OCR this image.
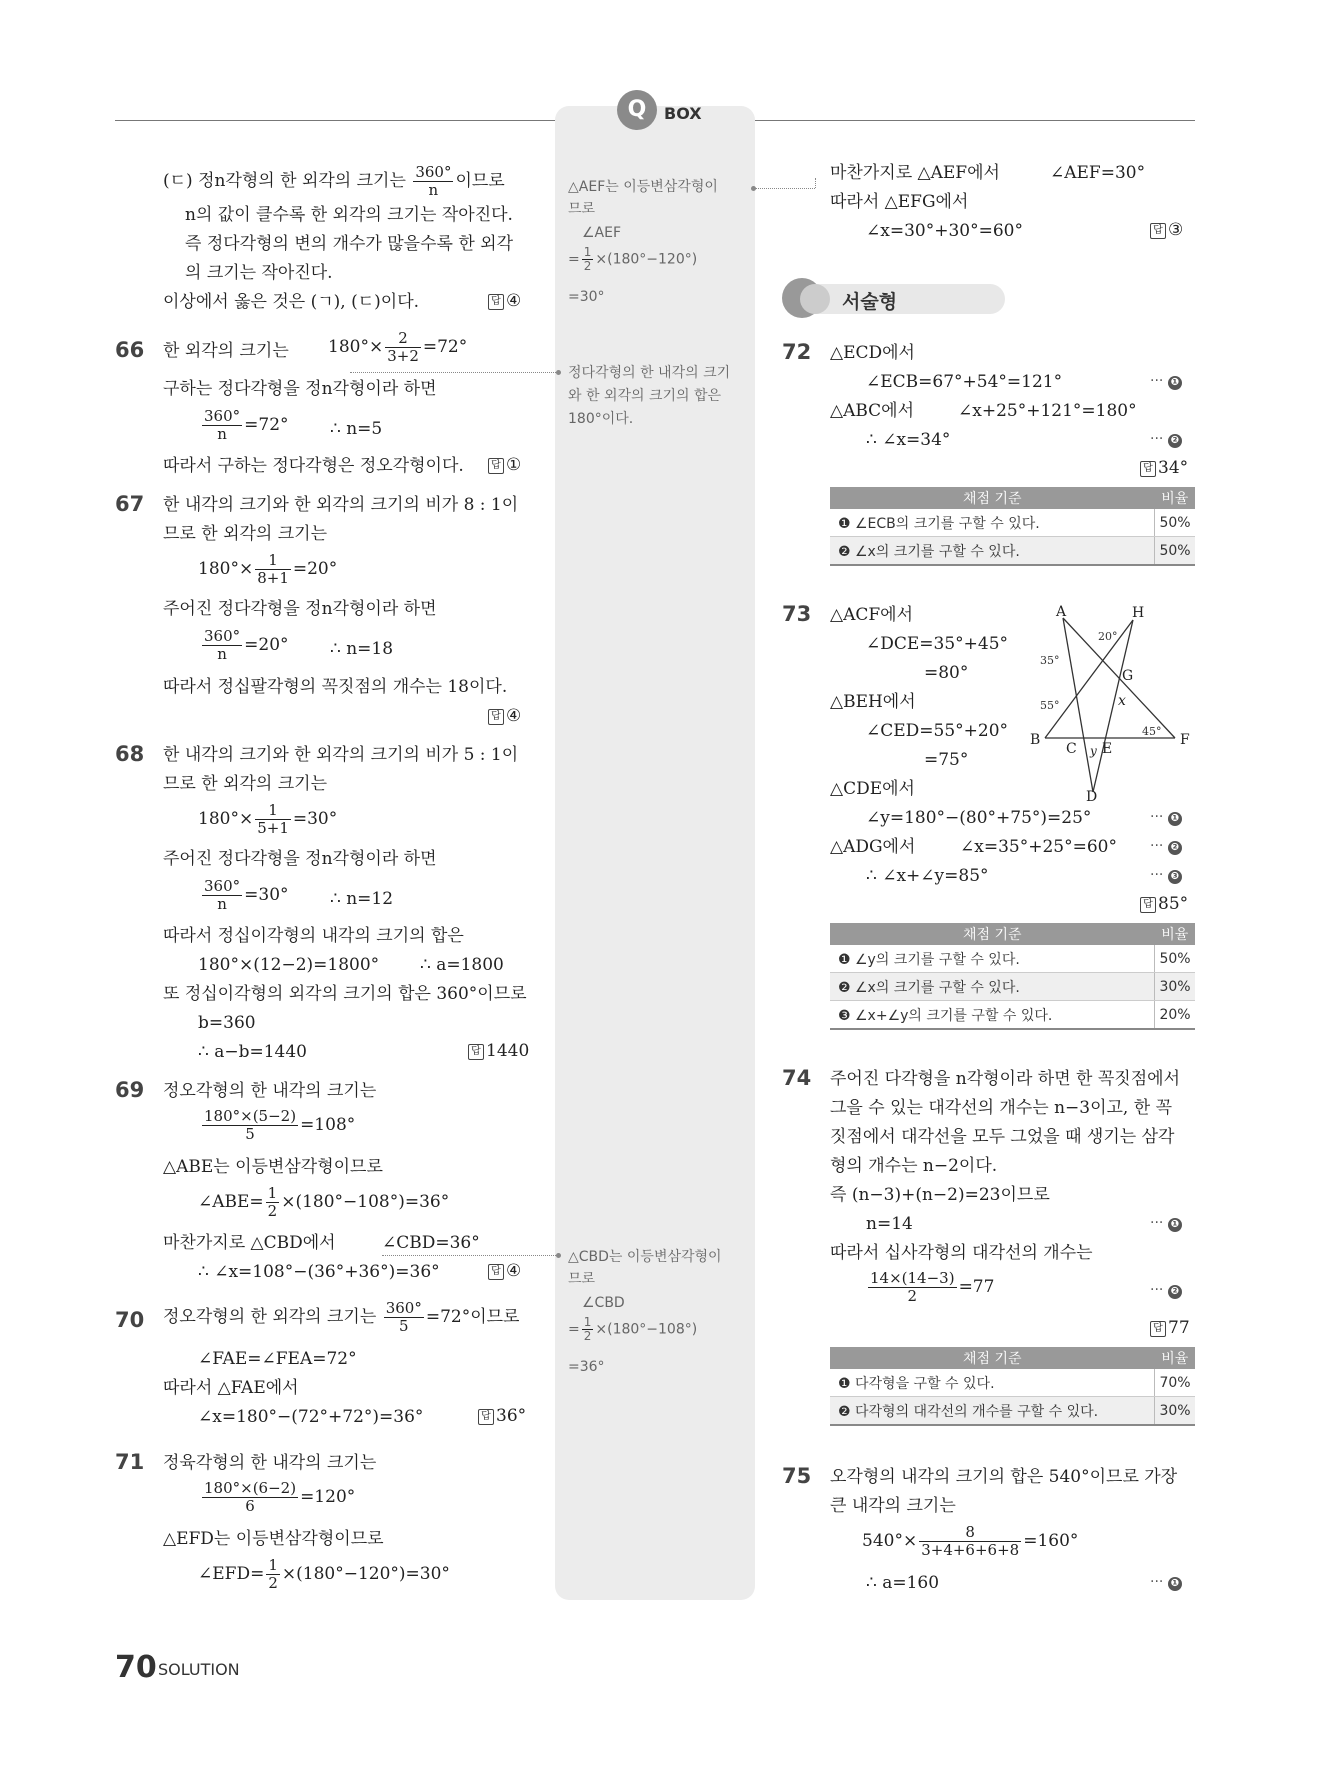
Q	BOX
(ㄷ) 정n각형의 한 외각의 크기는 $\frac{360^\circ}{n}$ 이므로
n의 값이 클수록 한 외각의 크기는 작아진다.
즉 정다각형의 변의 개수가 많을수록 한 외각
의 크기는 작아진다.
이상에서 옳은 것은 (ㄱ), (ㄷ)이다.	답 ④
66 한 외각의 크기는 $180^\circ\times \frac{2}{3+2} =72^\circ$
구하는 정다각형을 정n각형이라 하면
$\frac{360^\circ}{n} =72^\circ$ ∴ n=5
따라서 구하는 정다각형은 정오각형이다.	답 ①
67 한 내각의 크기와 한 외각의 크기의 비가 8 : 1이
므로 한 외각의 크기는
$180^\circ\times \frac{1}{8+1} =20^\circ$
주어진 정다각형을 정n각형이라 하면
$\frac{360^\circ}{n} =20^\circ$ ∴ n=18
따라서 정십팔각형의 꼭짓점의 개수는 18이다.
답 ④
68 한 내각의 크기와 한 외각의 크기의 비가 5 : 1이
므로 한 외각의 크기는
$180^\circ\times \frac{1}{5+1} =30^\circ$
주어진 정다각형을 정n각형이라 하면
$\frac{360^\circ}{n} =30^\circ$ ∴ n=12
따라서 정십이각형의 내각의 크기의 합은
180°×(12−2)=1800° ∴ a=1800
또 정십이각형의 외각의 크기의 합은 360°이므로
b=360
∴ a−b=1440	답 1440
69 정오각형의 한 내각의 크기는
$\frac{180^\circ\times(5-2)}{5} =108^\circ$
△ABE는 이등변삼각형이므로
∠ABE= $\frac{1}{2} \times(180^\circ-108^\circ)=36^\circ$
마찬가지로 △CBD에서	∠CBD=36°
∴ ∠x=108°−(36°+36°)=36°	답 ④
70 정오각형의 한 외각의 크기는 $\frac{360^\circ}{5} =72^\circ$이므로
∠FAE=∠FEA=72°
따라서 △FAE에서
∠x=180°−(72°+72°)=36°	답 36°
71 정육각형의 한 내각의 크기는
$\frac{180^\circ\times(6-2)}{6} =120^\circ$
△EFD는 이등변삼각형이므로
∠EFD= $\frac{1}{2} \times(180^\circ-120^\circ)=30^\circ$
△AEF는 이등변삼각형이
므로
∠AEF
= $\frac{1}{2} \times(180^\circ-120^\circ)$
=30°
정다각형의 한 내각의 크기
와 한 외각의 크기의 합은
180°이다.
△CBD는 이등변삼각형이
므로
∠CBD
= $\frac{1}{2} \times(180^\circ-108^\circ)$
=36°
마찬가지로 △AEF에서	∠AEF=30°
따라서 △EFG에서
∠x=30°+30°=60°	답 ③
서술형
72 △ECD에서
∠ECB=67°+54°=121°	··· ❶
△ABC에서	∠x+25°+121°=180°
∴ ∠x=34°	··· ❷
답 34°
채점 기준	비율
❶ ∠ECB의 크기를 구할 수 있다.	50%
❷ ∠x의 크기를 구할 수 있다.	50%
73 △ACF에서
∠DCE=35°+45°
=80°
△BEH에서
∠CED=55°+20°
=75°
△CDE에서
∠y=180°−(80°+75°)=25°	··· ❶
△ADG에서	∠x=35°+25°=60° ··· ❷
∴ ∠x+∠y=85°	··· ❸
답 85°
A	H
G
B
C E
F
D
x
y
35°
20°
55°
45°
채점 기준	비율
❶ ∠y의 크기를 구할 수 있다.	50%
❷ ∠x의 크기를 구할 수 있다.	30%
❸ ∠x+∠y의 크기를 구할 수 있다.	20%
74 주어진 다각형을 n각형이라 하면 한 꼭짓점에서
그을 수 있는 대각선의 개수는 n−3이고, 한 꼭
짓점에서 대각선을 모두 그었을 때 생기는 삼각
형의 개수는 n−2이다.
즉 (n−3)+(n−2)=23이므로
n=14	··· ❶
따라서 십사각형의 대각선의 개수는
$\frac{14\times(14-3)}{2} =77$	··· ❷
답 77
채점 기준	비율
❶ 다각형을 구할 수 있다.	70%
❷ 다각형의 대각선의 개수를 구할 수 있다.	30%
75 오각형의 내각의 크기의 합은 540°이므로 가장
큰 내각의 크기는
$540^\circ\times \frac{8}{3+4+6+6+8} =160^\circ$
∴ a=160	··· ❶
70 SOLUTION
